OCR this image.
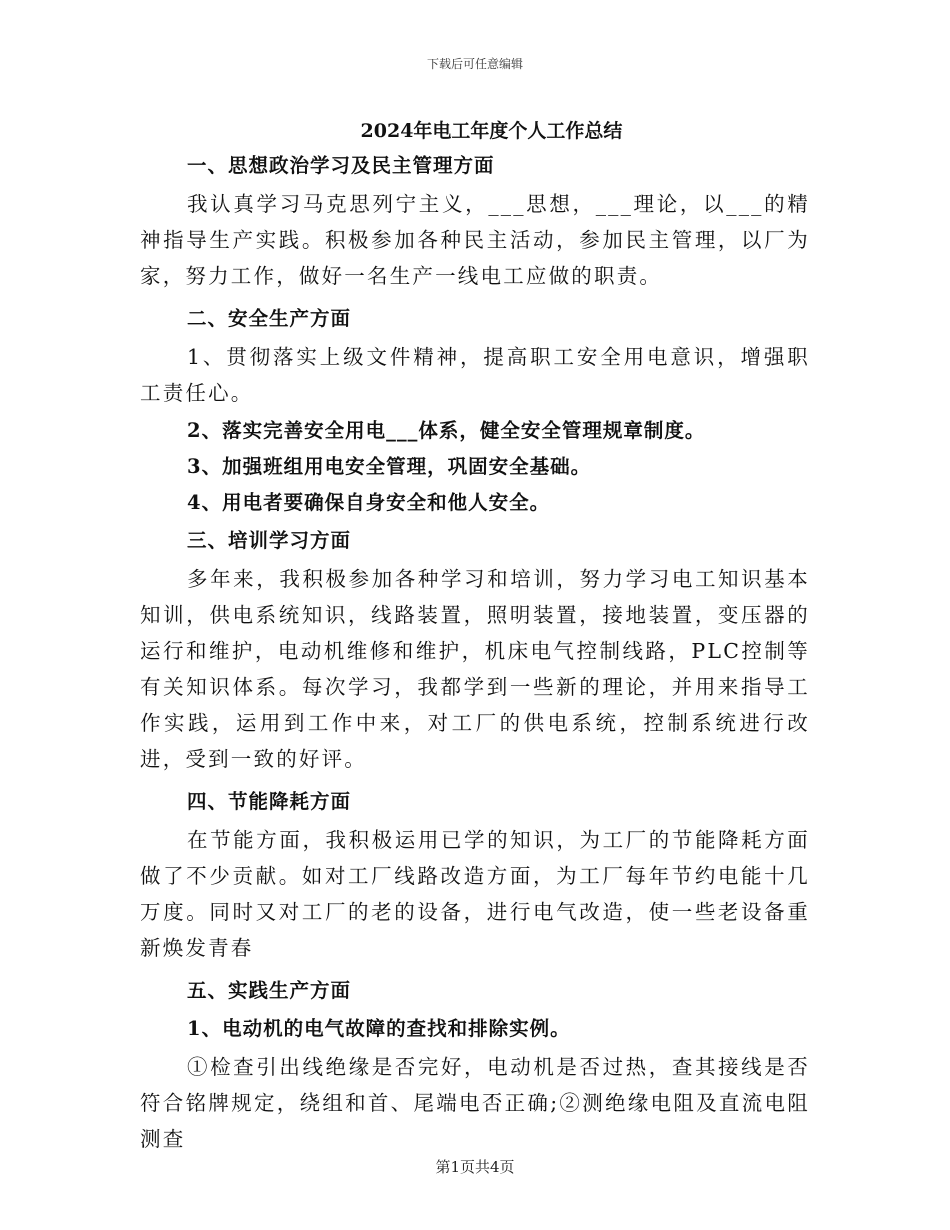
下载后可任意编辑
2024年电工年度个人工作总结

一、思想政治学习及民主管理方面

我认真学习马克思列宁主义，___思想，___理论，以___的精神指导生产实践。积极参加各种民主活动，参加民主管理，以厂为家，努力工作，做好一名生产一线电工应做的职责。

二、安全生产方面

1、贯彻落实上级文件精神，提高职工安全用电意识，增强职工责任心。

2、落实完善安全用电___体系，健全安全管理规章制度。

3、加强班组用电安全管理，巩固安全基础。

4、用电者要确保自身安全和他人安全。

三、培训学习方面

多年来，我积极参加各种学习和培训，努力学习电工知识基本知训，供电系统知识，线路装置，照明装置，接地装置，变压器的运行和维护，电动机维修和维护，机床电气控制线路，PLC控制等有关知识体系。每次学习，我都学到一些新的理论，并用来指导工作实践，运用到工作中来，对工厂的供电系统，控制系统进行改进，受到一致的好评。

四、节能降耗方面

在节能方面，我积极运用已学的知识，为工厂的节能降耗方面做了不少贡献。如对工厂线路改造方面，为工厂每年节约电能十几万度。同时又对工厂的老的设备，进行电气改造，使一些老设备重新焕发青春

五、实践生产方面

1、电动机的电气故障的查找和排除实例。

①检查引出线绝缘是否完好，电动机是否过热，查其接线是否符合铭牌规定，绕组和首、尾端电否正确;②测绝缘电阻及直流电阻测查

第1页共4页
